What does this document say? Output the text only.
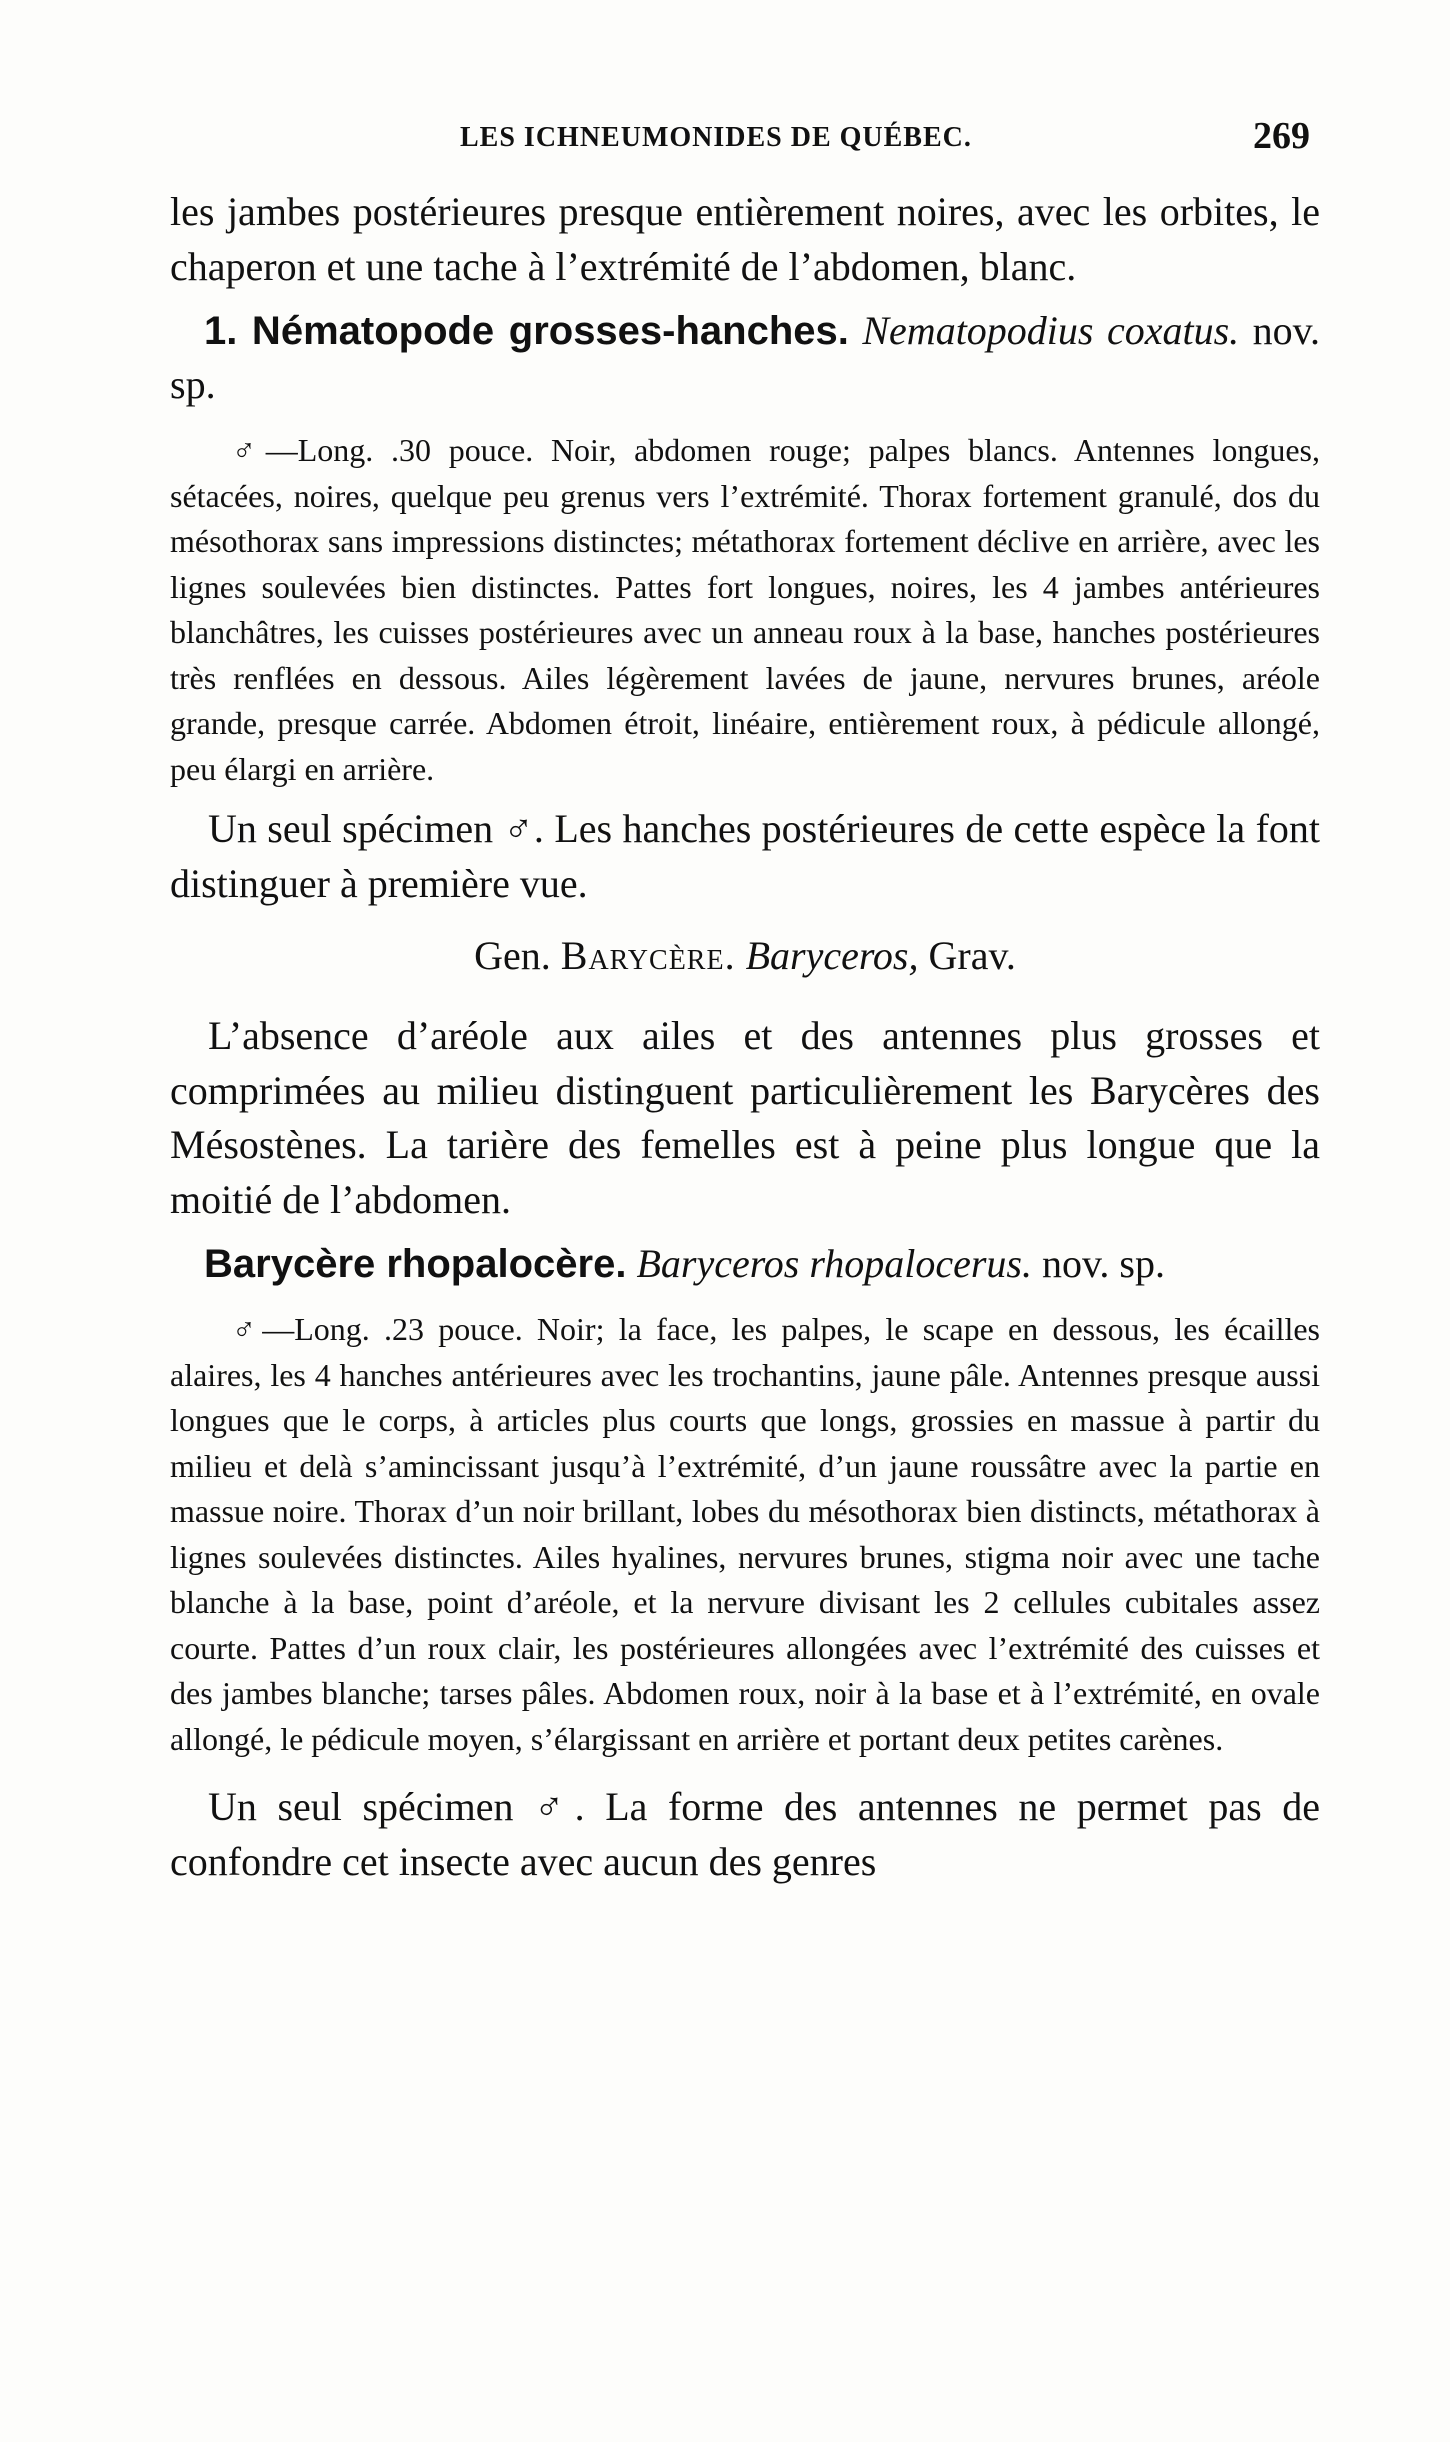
LES ICHNEUMONIDES DE QUÉBEC.	269

les jambes postérieures presque entièrement noires, avec les orbites, le chaperon et une tache à l’extrémité de l’abdomen, blanc.

1. Nématopode grosses-hanches. Nematopodius coxatus. nov. sp.

♂—Long. .30 pouce. Noir, abdomen rouge; palpes blancs. Antennes longues, sétacées, noires, quelque peu grenus vers l’extrémité. Thorax fortement granulé, dos du mésothorax sans impressions distinctes; métathorax fortement déclive en arrière, avec les lignes soulevées bien distinctes. Pattes fort longues, noires, les 4 jambes antérieures blanchâtres, les cuisses postérieures avec un anneau roux à la base, hanches postérieures très renflées en dessous. Ailes légèrement lavées de jaune, nervures brunes, aréole grande, presque carrée. Abdomen étroit, linéaire, entièrement roux, à pédicule allongé, peu élargi en arrière.

Un seul spécimen ♂. Les hanches postérieures de cette espèce la font distinguer à première vue.

Gen. Barycère. Baryceros, Grav.

L’absence d’aréole aux ailes et des antennes plus grosses et comprimées au milieu distinguent particulièrement les Barycères des Mésostènes. La tarière des femelles est à peine plus longue que la moitié de l’abdomen.

Barycère rhopalocère. Baryceros rhopalocerus. nov. sp.

♂—Long. .23 pouce. Noir; la face, les palpes, le scape en dessous, les écailles alaires, les 4 hanches antérieures avec les trochantins, jaune pâle. Antennes presque aussi longues que le corps, à articles plus courts que longs, grossies en massue à partir du milieu et delà s’amincissant jusqu’à l’extrémité, d’un jaune roussâtre avec la partie en massue noire. Thorax d’un noir brillant, lobes du mésothorax bien distincts, métathorax à lignes soulevées distinctes. Ailes hyalines, nervures brunes, stigma noir avec une tache blanche à la base, point d’aréole, et la nervure divisant les 2 cellules cubitales assez courte. Pattes d’un roux clair, les postérieures allongées avec l’extrémité des cuisses et des jambes blanche; tarses pâles. Abdomen roux, noir à la base et à l’extrémité, en ovale allongé, le pédicule moyen, s’élargissant en arrière et portant deux petites carènes.

Un seul spécimen ♂. La forme des antennes ne permet pas de confondre cet insecte avec aucun des genres
